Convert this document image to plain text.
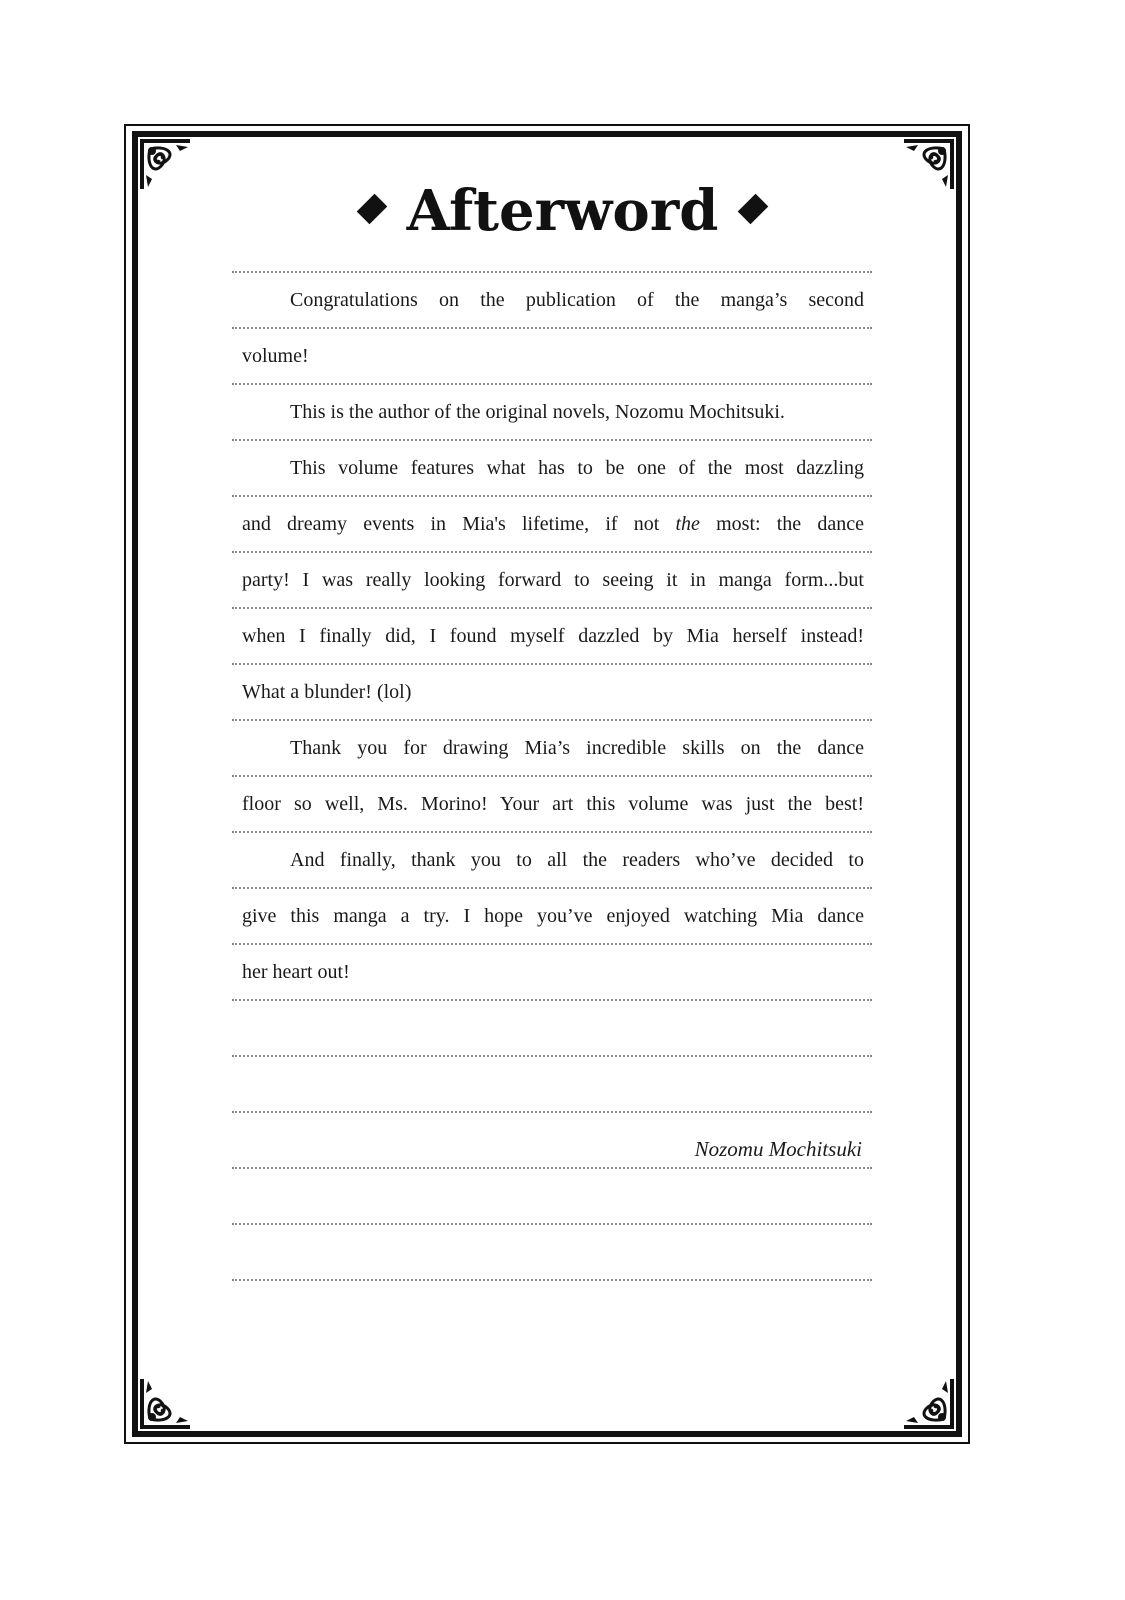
Afterword
Congratulations on the publication of the manga’s second
volume!
This is the author of the original novels, Nozomu Mochitsuki.
This volume features what has to be one of the most dazzling
and dreamy events in Mia's lifetime, if not the most: the dance
party! I was really looking forward to seeing it in manga form...but
when I finally did, I found myself dazzled by Mia herself instead!
What a blunder! (lol)
Thank you for drawing Mia’s incredible skills on the dance
floor so well, Ms. Morino! Your art this volume was just the best!
And finally, thank you to all the readers who’ve decided to
give this manga a try. I hope you’ve enjoyed watching Mia dance
her heart out!
Nozomu Mochitsuki
